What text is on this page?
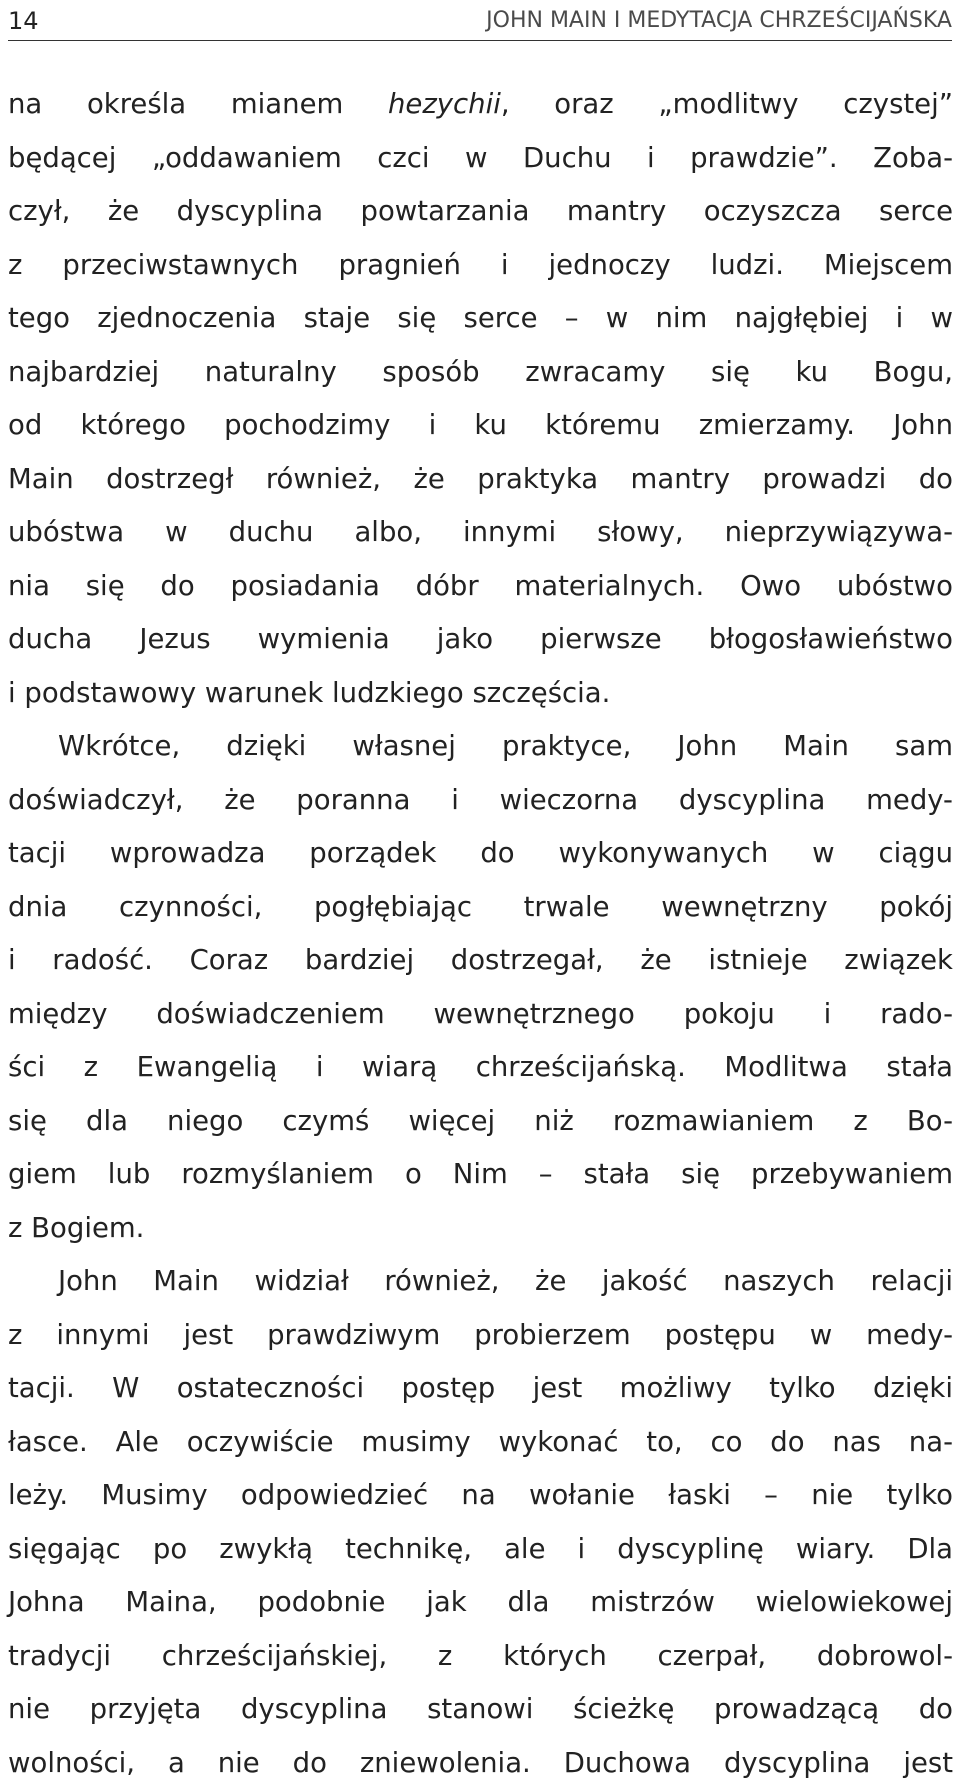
14	JOHN MAIN I MEDYTACJA CHRZEŚCIJAŃSKA
na określa mianem hezychii, oraz „modlitwy czystej”
będącej „oddawaniem czci w Duchu i prawdzie”. Zoba-
czył, że dyscyplina powtarzania mantry oczyszcza serce
z przeciwstawnych pragnień i jednoczy ludzi. Miejscem
tego zjednoczenia staje się serce – w nim najgłębiej i w
najbardziej naturalny sposób zwracamy się ku Bogu,
od którego pochodzimy i ku któremu zmierzamy. John
Main dostrzegł również, że praktyka mantry prowadzi do
ubóstwa w duchu albo, innymi słowy, nieprzywiązywa-
nia się do posiadania dóbr materialnych. Owo ubóstwo
ducha Jezus wymienia jako pierwsze błogosławieństwo
i podstawowy warunek ludzkiego szczęścia.
Wkrótce, dzięki własnej praktyce, John Main sam
doświadczył, że poranna i wieczorna dyscyplina medy-
tacji wprowadza porządek do wykonywanych w ciągu
dnia czynności, pogłębiając trwale wewnętrzny pokój
i radość. Coraz bardziej dostrzegał, że istnieje związek
między doświadczeniem wewnętrznego pokoju i rado-
ści z Ewangelią i wiarą chrześcijańską. Modlitwa stała
się dla niego czymś więcej niż rozmawianiem z Bo-
giem lub rozmyślaniem o Nim – stała się przebywaniem
z Bogiem.
John Main widział również, że jakość naszych relacji
z innymi jest prawdziwym probierzem postępu w medy-
tacji. W ostateczności postęp jest możliwy tylko dzięki
łasce. Ale oczywiście musimy wykonać to, co do nas na-
leży. Musimy odpowiedzieć na wołanie łaski – nie tylko
sięgając po zwykłą technikę, ale i dyscyplinę wiary. Dla
Johna Maina, podobnie jak dla mistrzów wielowiekowej
tradycji chrześcijańskiej, z których czerpał, dobrowol-
nie przyjęta dyscyplina stanowi ścieżkę prowadzącą do
wolności, a nie do zniewolenia. Duchowa dyscyplina jest
